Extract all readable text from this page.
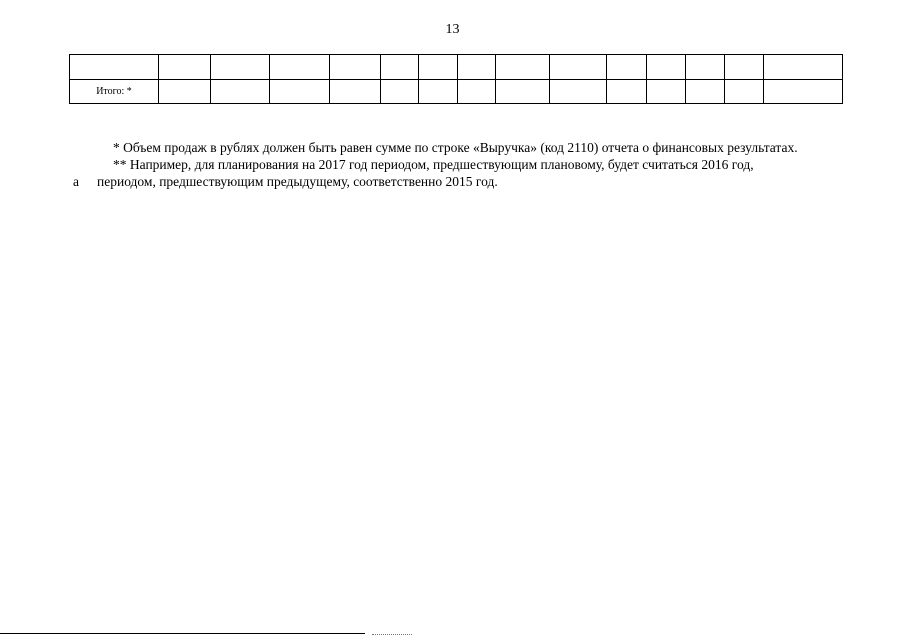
13

Итого: *														

* Объем продаж в рублях должен быть равен сумме по строке «Выручка» (код 2110) отчета о финансовых результатах.

** Например, для планирования на 2017 год периодом, предшествующим плановому, будет считаться 2016 год,

а	периодом, предшествующим предыдущему, соответственно 2015 год.
